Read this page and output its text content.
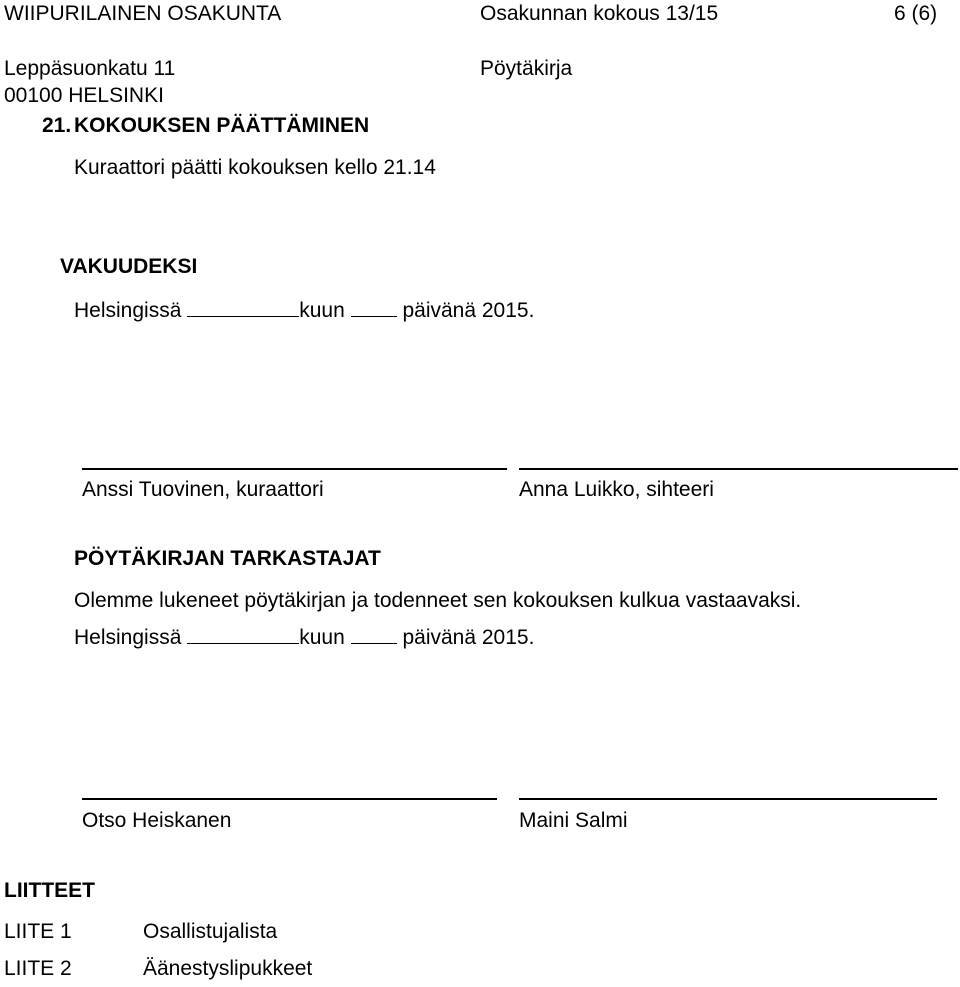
WIIPURILAINEN OSAKUNTA
Leppäsuonkatu 11
00100 HELSINKI
Osakunnan kokous 13/15
Pöytäkirja
6 (6)
21. KOKOUKSEN PÄÄTTÄMINEN
Kuraattori päätti kokouksen kello 21.14
VAKUUDEKSI
Helsingissä	kuun	päivänä 2015.
Anssi Tuovinen, kuraattori	Anna Luikko, sihteeri
PÖYTÄKIRJAN TARKASTAJAT
Olemme lukeneet pöytäkirjan ja todenneet sen kokouksen kulkua vastaavaksi.
Helsingissä	kuun	päivänä 2015.
Otso Heiskanen	Maini Salmi
LIITTEET
LIITE 1	Osallistujalista
LIITE 2	Äänestyslipukkeet
